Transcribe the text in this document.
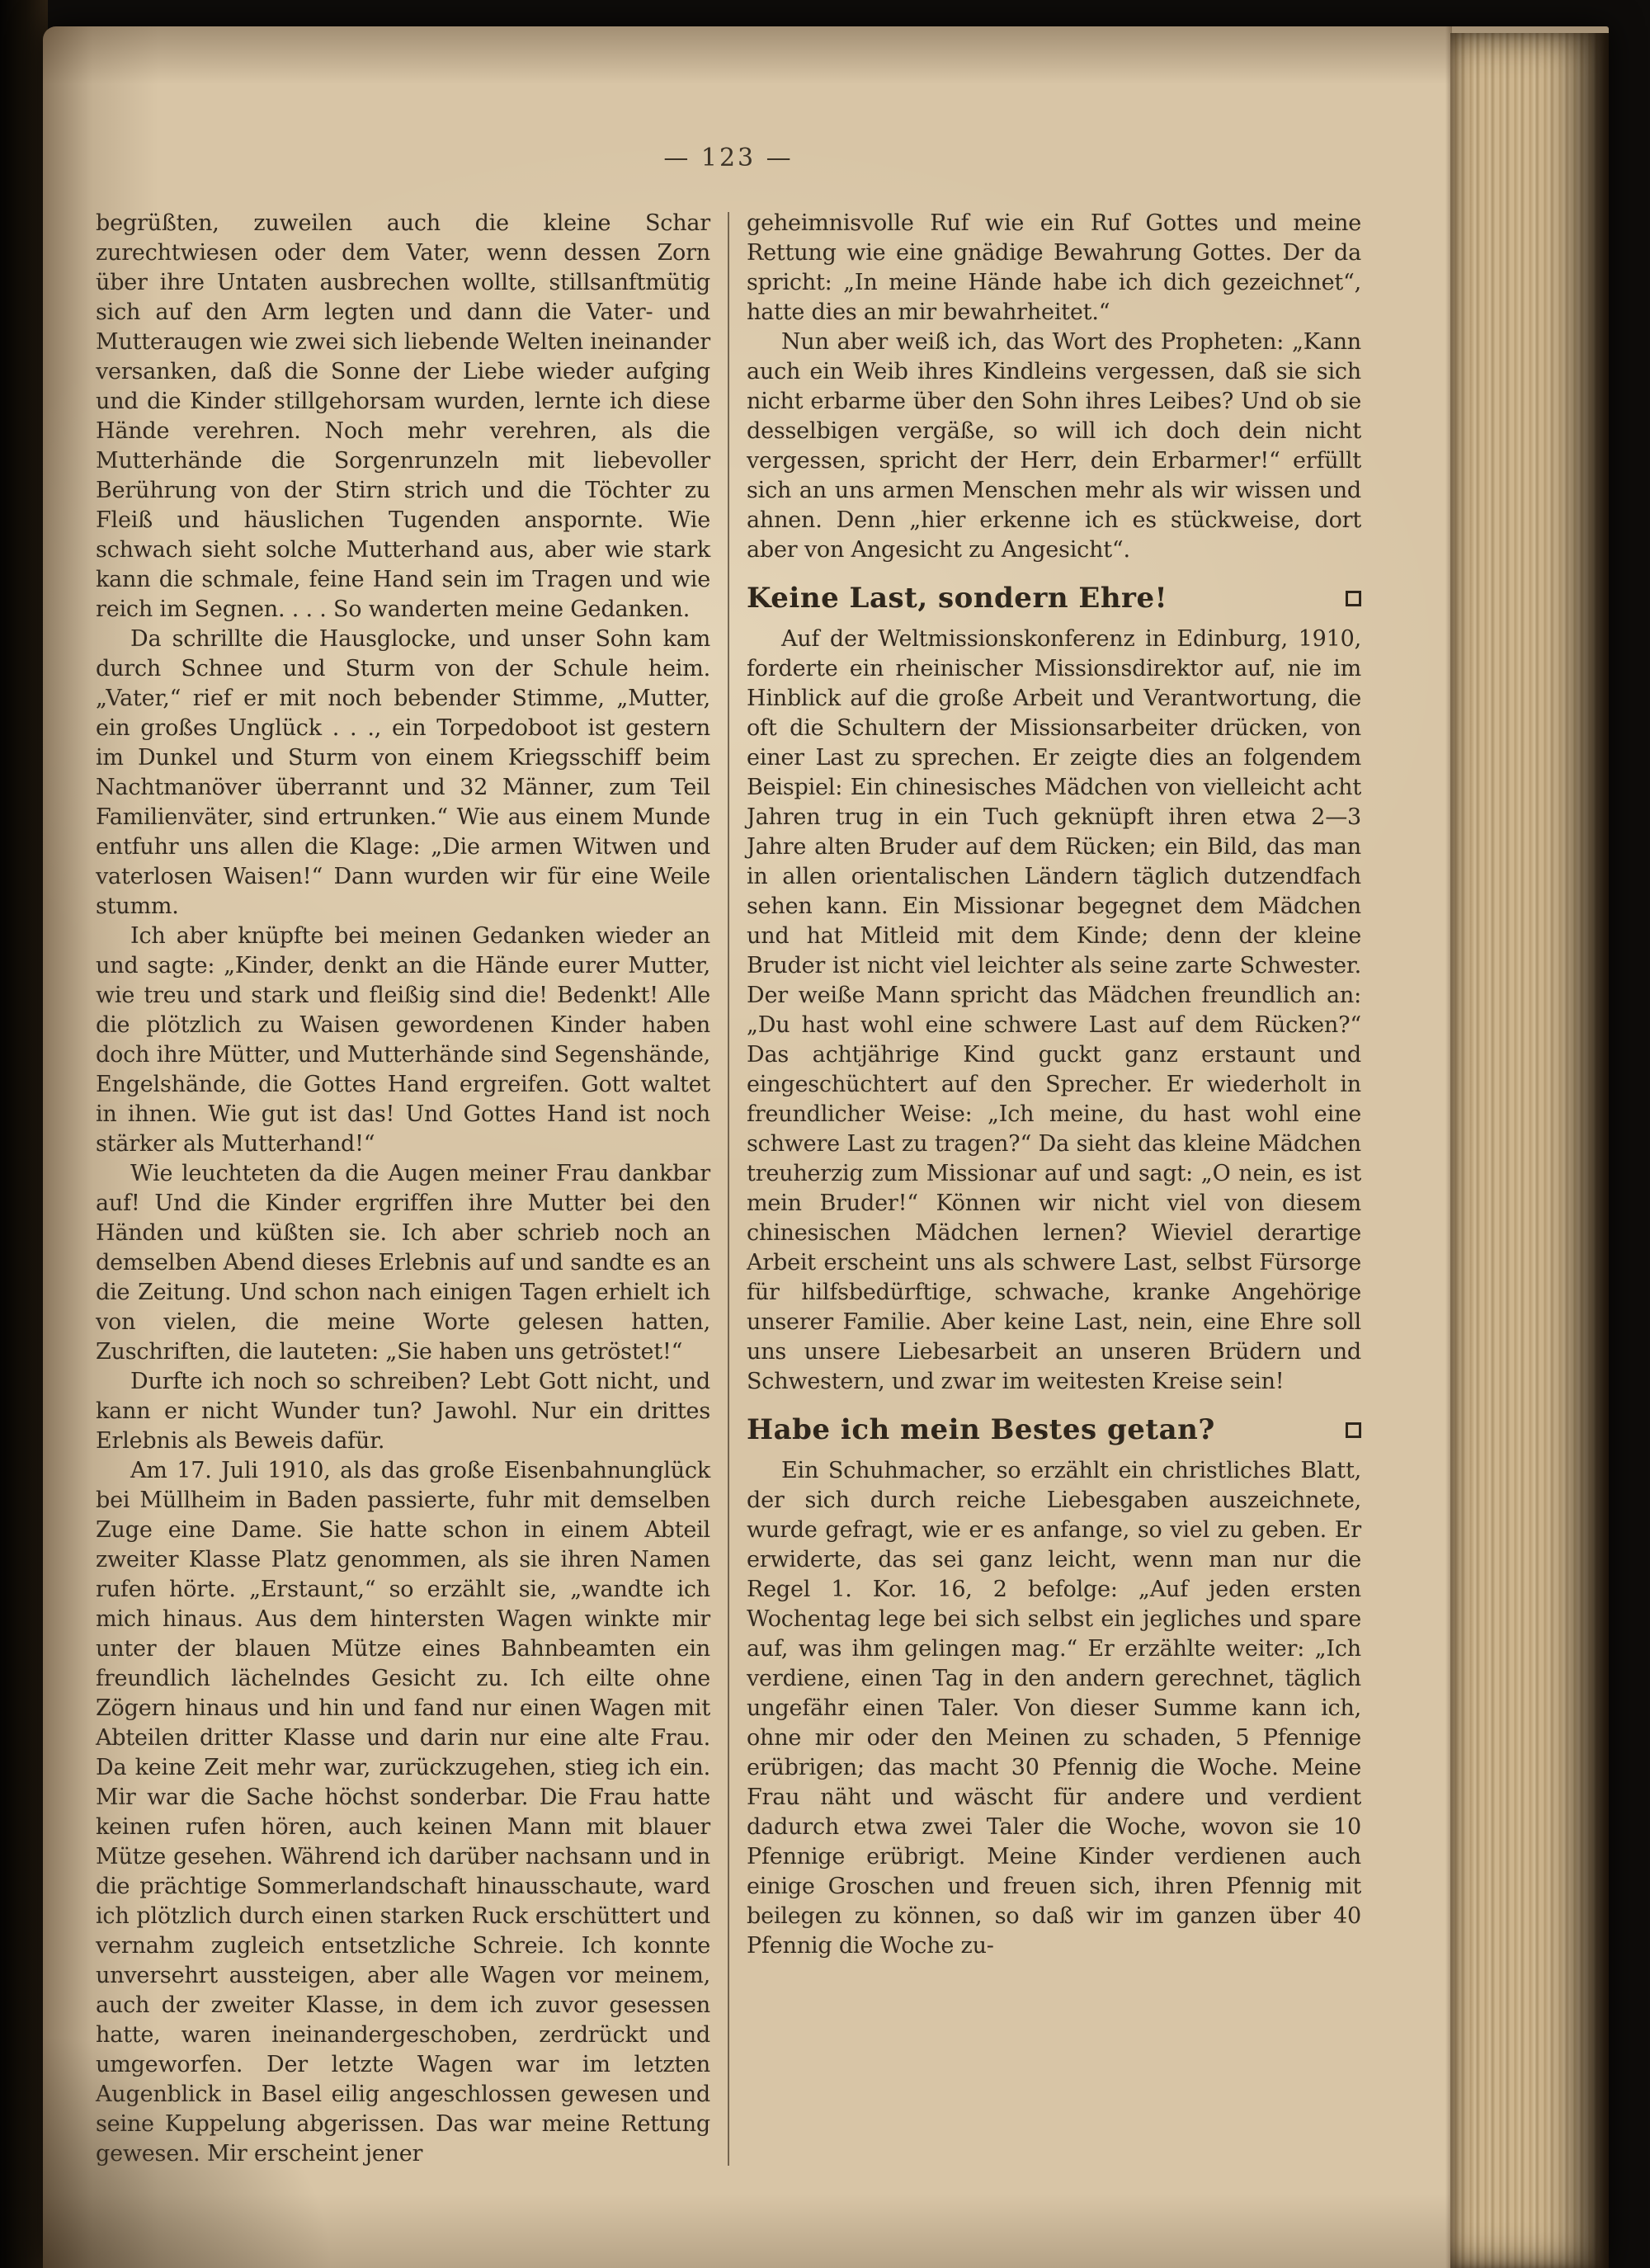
— 123 —

begrüßten, zuweilen auch die kleine Schar zurechtwiesen oder dem Vater, wenn dessen Zorn über ihre Untaten ausbrechen wollte, stillsanftmütig sich auf den Arm legten und dann die Vater- und Mutteraugen wie zwei sich liebende Welten ineinander versanken, daß die Sonne der Liebe wieder aufging und die Kinder stillgehorsam wurden, lernte ich diese Hände verehren. Noch mehr verehren, als die Mutterhände die Sorgenrunzeln mit liebevoller Berührung von der Stirn strich und die Töchter zu Fleiß und häuslichen Tugenden anspornte. Wie schwach sieht solche Mutterhand aus, aber wie stark kann die schmale, feine Hand sein im Tragen und wie reich im Segnen. . . . So wanderten meine Gedanken.

Da schrillte die Hausglocke, und unser Sohn kam durch Schnee und Sturm von der Schule heim. „Vater,“ rief er mit noch bebender Stimme, „Mutter, ein großes Unglück . . ., ein Torpedoboot ist gestern im Dunkel und Sturm von einem Kriegsschiff beim Nachtmanöver überrannt und 32 Männer, zum Teil Familienväter, sind ertrunken.“ Wie aus einem Munde entfuhr uns allen die Klage: „Die armen Witwen und vaterlosen Waisen!“ Dann wurden wir für eine Weile stumm.

Ich aber knüpfte bei meinen Gedanken wieder an und sagte: „Kinder, denkt an die Hände eurer Mutter, wie treu und stark und fleißig sind die! Bedenkt! Alle die plötzlich zu Waisen gewordenen Kinder haben doch ihre Mütter, und Mutterhände sind Segenshände, Engelshände, die Gottes Hand ergreifen. Gott waltet in ihnen. Wie gut ist das! Und Gottes Hand ist noch stärker als Mutterhand!“

Wie leuchteten da die Augen meiner Frau dankbar auf! Und die Kinder ergriffen ihre Mutter bei den Händen und küßten sie. Ich aber schrieb noch an demselben Abend dieses Erlebnis auf und sandte es an die Zeitung. Und schon nach einigen Tagen erhielt ich von vielen, die meine Worte gelesen hatten, Zuschriften, die lauteten: „Sie haben uns getröstet!“

Durfte ich noch so schreiben? Lebt Gott nicht, und kann er nicht Wunder tun? Jawohl. Nur ein drittes Erlebnis als Beweis dafür.

Am 17. Juli 1910, als das große Eisenbahnunglück bei Müllheim in Baden passierte, fuhr mit demselben Zuge eine Dame. Sie hatte schon in einem Abteil zweiter Klasse Platz genommen, als sie ihren Namen rufen hörte. „Erstaunt,“ so erzählt sie, „wandte ich mich hinaus. Aus dem hintersten Wagen winkte mir unter der blauen Mütze eines Bahnbeamten ein freundlich lächelndes Gesicht zu. Ich eilte ohne Zögern hinaus und hin und fand nur einen Wagen mit Abteilen dritter Klasse und darin nur eine alte Frau. Da keine Zeit mehr war, zurückzugehen, stieg ich ein. Mir war die Sache höchst sonderbar. Die Frau hatte keinen rufen hören, auch keinen Mann mit blauer Mütze gesehen. Während ich darüber nachsann und in die prächtige Sommerlandschaft hinausschaute, ward ich plötzlich durch einen starken Ruck erschüttert und vernahm zugleich entsetzliche Schreie. Ich konnte unversehrt aussteigen, aber alle Wagen vor meinem, auch der zweiter Klasse, in dem ich zuvor gesessen hatte, waren ineinandergeschoben, zerdrückt und umgeworfen. Der letzte Wagen war im letzten Augenblick in Basel eilig angeschlossen gewesen und seine Kuppelung abgerissen. Das war meine Rettung gewesen. Mir erscheint jener

geheimnisvolle Ruf wie ein Ruf Gottes und meine Rettung wie eine gnädige Bewahrung Gottes. Der da spricht: „In meine Hände habe ich dich gezeichnet“, hatte dies an mir bewahrheitet.“

Nun aber weiß ich, das Wort des Propheten: „Kann auch ein Weib ihres Kindleins vergessen, daß sie sich nicht erbarme über den Sohn ihres Leibes? Und ob sie desselbigen vergäße, so will ich doch dein nicht vergessen, spricht der Herr, dein Erbarmer!“ erfüllt sich an uns armen Menschen mehr als wir wissen und ahnen. Denn „hier erkenne ich es stückweise, dort aber von Angesicht zu Angesicht“.

Keine Last, sondern Ehre!

Auf der Weltmissionskonferenz in Edinburg, 1910, forderte ein rheinischer Missionsdirektor auf, nie im Hinblick auf die große Arbeit und Verantwortung, die oft die Schultern der Missionsarbeiter drücken, von einer Last zu sprechen. Er zeigte dies an folgendem Beispiel: Ein chinesisches Mädchen von vielleicht acht Jahren trug in ein Tuch geknüpft ihren etwa 2—3 Jahre alten Bruder auf dem Rücken; ein Bild, das man in allen orientalischen Ländern täglich dutzendfach sehen kann. Ein Missionar begegnet dem Mädchen und hat Mitleid mit dem Kinde; denn der kleine Bruder ist nicht viel leichter als seine zarte Schwester. Der weiße Mann spricht das Mädchen freundlich an: „Du hast wohl eine schwere Last auf dem Rücken?“ Das achtjährige Kind guckt ganz erstaunt und eingeschüchtert auf den Sprecher. Er wiederholt in freundlicher Weise: „Ich meine, du hast wohl eine schwere Last zu tragen?“ Da sieht das kleine Mädchen treuherzig zum Missionar auf und sagt: „O nein, es ist mein Bruder!“ Können wir nicht viel von diesem chinesischen Mädchen lernen? Wieviel derartige Arbeit erscheint uns als schwere Last, selbst Fürsorge für hilfsbedürftige, schwache, kranke Angehörige unserer Familie. Aber keine Last, nein, eine Ehre soll uns unsere Liebesarbeit an unseren Brüdern und Schwestern, und zwar im weitesten Kreise sein!

Habe ich mein Bestes getan?

Ein Schuhmacher, so erzählt ein christliches Blatt, der sich durch reiche Liebesgaben auszeichnete, wurde gefragt, wie er es anfange, so viel zu geben. Er erwiderte, das sei ganz leicht, wenn man nur die Regel 1. Kor. 16, 2 befolge: „Auf jeden ersten Wochentag lege bei sich selbst ein jegliches und spare auf, was ihm gelingen mag.“ Er erzählte weiter: „Ich verdiene, einen Tag in den andern gerechnet, täglich ungefähr einen Taler. Von dieser Summe kann ich, ohne mir oder den Meinen zu schaden, 5 Pfennige erübrigen; das macht 30 Pfennig die Woche. Meine Frau näht und wäscht für andere und verdient dadurch etwa zwei Taler die Woche, wovon sie 10 Pfennige erübrigt. Meine Kinder verdienen auch einige Groschen und freuen sich, ihren Pfennig mit beilegen zu können, so daß wir im ganzen über 40 Pfennig die Woche zu-
